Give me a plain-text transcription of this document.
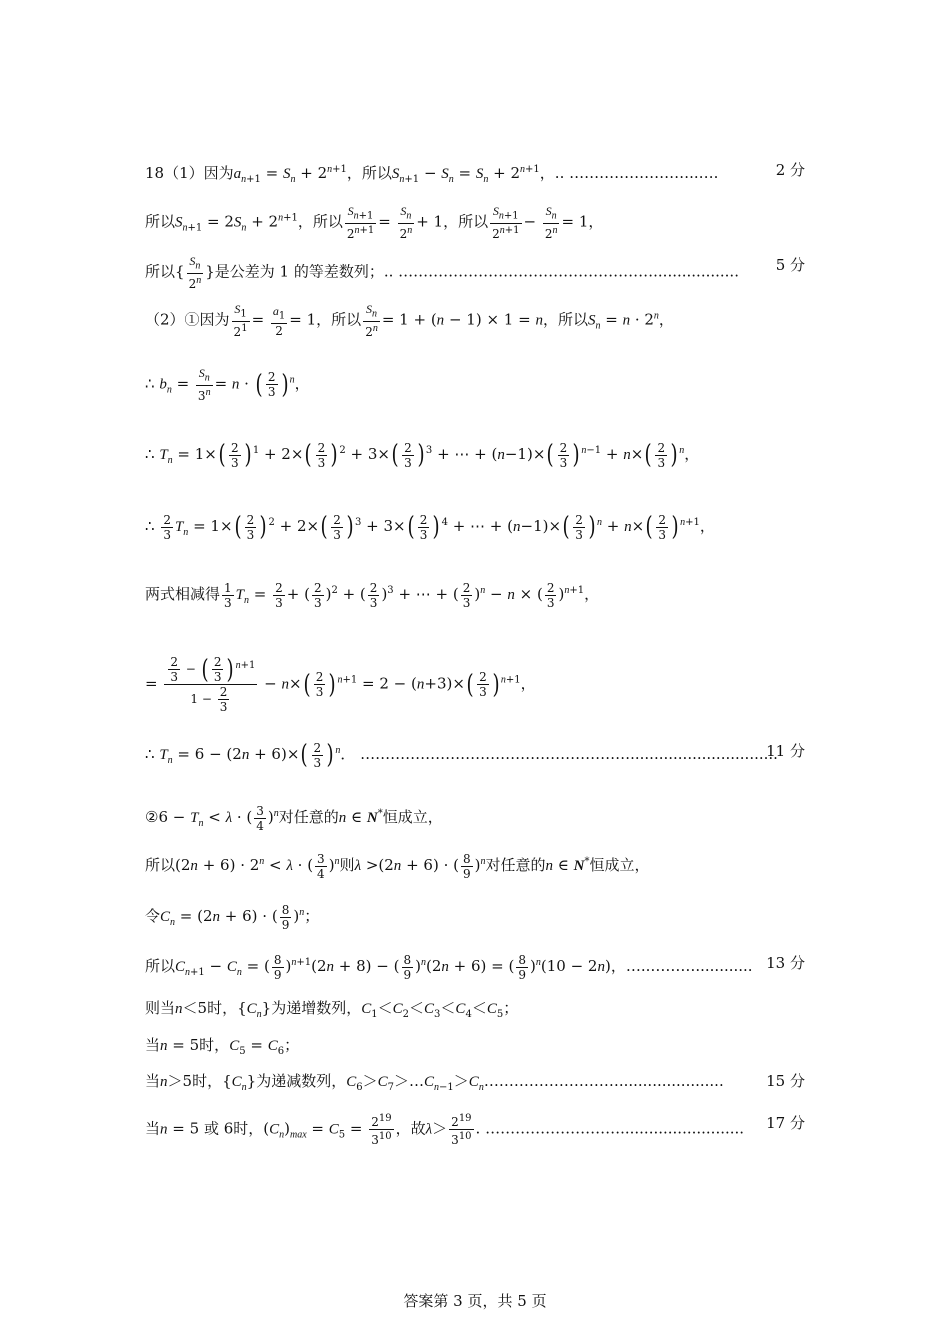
18（1）因为$a_{n+1} = S_n + 2^{n+1}$，所以$S_{n+1} - S_n = S_n + 2^{n+1}$，.. ……………………..….	2 分
所以$S_{n+1} = 2S_n + 2^{n+1}$，所以 $\frac{S_{n+1}}{2^{n+1}} = \frac{S_n}{2^n} + 1$，所以 $\frac{S_{n+1}}{2^{n+1}} - \frac{S_n}{2^n} = 1$，
所以{ $\frac{S_n}{2^n}$ }是公差为 1 的等差数列；.. …………………………………………….................. 5 分
（2）①因为 $\frac{S_1}{2^1} = \frac{a_1}{2} = 1$，所以 $\frac{S_n}{2^n} = 1 + (n - 1) \times 1 = n$，所以$S_n = n \cdot 2^n$，
∴ $b_n = \frac{S_n}{3^n} = n$ · ( $\frac{2}{3}$ ) $^n$，
∴ $T_n = 1\times( \frac{2}{3}$ ) $^1 + 2\times( \frac{2}{3}$ ) $^2 + 3\times( \frac{2}{3}$ ) $^3$ + ⋯ + $(n-1)\times( \frac{2}{3}$ ) $^{n-1} + n\times( \frac{2}{3}$ ) $^n$，
∴ $\frac{2}{3} T_n = 1\times( \frac{2}{3}$ ) $^2 + 2\times( \frac{2}{3}$ ) $^3 + 3\times( \frac{2}{3}$ ) $^4$ + ⋯ + $(n-1)\times( \frac{2}{3}$ ) $^n + n\times( \frac{2}{3}$ ) $^{n+1}$，
两式相减得 $\frac{1}{3} T_n = \frac{2}{3}$ + ( $\frac{2}{3} )^2$ + ( $\frac{2}{3} )^3$ + ⋯ + ( $\frac{2}{3} )^n - n$ × ( $\frac{2}{3} )^{n+1}$，
= $\frac{\frac{2}{3} - ( \frac{2}{3} ) ^{n+1}}{1 - \frac{2}{3}} - n\times( \frac{2}{3}$ ) $^{n+1} = 2 - (n+3)\times( \frac{2}{3}$ ) $^{n+1}$，
∴ $T_n = 6 - (2n + 6)\times( \frac{2}{3}$ ) $^n$． ………………………………………………...............................
11 分
②6 − $T_n < \lambda$ · ( $\frac{3}{4} )^n$对任意的n ∈ N*恒成立，
所以$(2n + 6) \cdot 2^n < \lambda$ · ( $\frac{3}{4} )^n$则λ >(2n + 6) · ( $\frac{8}{9} )^n$对任意的n ∈ N*恒成立，
令$C_n = (2n + 6)$ · ( $\frac{8}{9} )^n$；
所以$C_{n+1} - C_n$ = ( $\frac{8}{9} )^{n+1}(2n + 8)$ − ( $\frac{8}{9} )^n(2n + 6)$ = ( $\frac{8}{9} )^n(10 - 2n)$，…..………............ 13 分
则当n＜5时，$\{C_n\}$为递增数列，$C_1<C_2<C_3<C_4<C_5$；
当n = 5时，$C_5 = C_6$；
当n＞5时，$\{C_n\}$为递减数列，$C_6>C_7>\dots C_{n-1}>C_n\dots\dots\dots\dots\dots\dots\dots\dots\dots$......................	15 分
当n = 5 或 6时，$(C_n)_{max} = C_5 = \frac{2^{19}}{3^{10}}$ ，故$\lambda> \frac{2^{19}}{3^{10}}$ . ……………………….......................... 17 分
答案第 3 页，共 5 页
